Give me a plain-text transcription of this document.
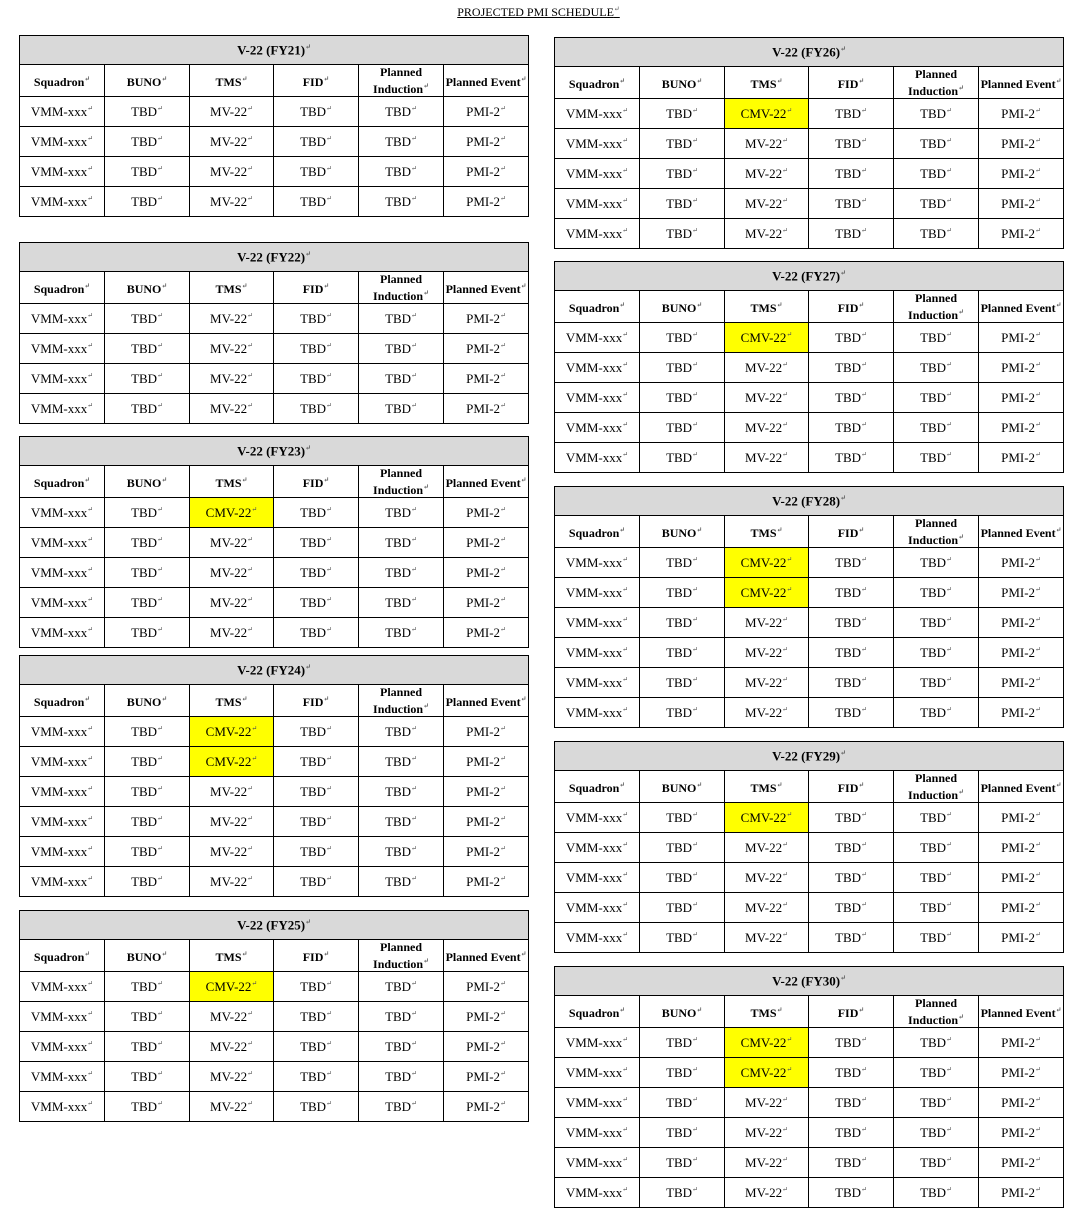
PROJECTED PMI SCHEDULE↵
V-22 (FY21)↵
Squadron↵	BUNO↵	TMS↵	FID↵	Planned Induction↵	Planned Event↵
VMM-xxx↵	TBD↵	MV-22↵	TBD↵	TBD↵	PMI-2↵
VMM-xxx↵	TBD↵	MV-22↵	TBD↵	TBD↵	PMI-2↵
VMM-xxx↵	TBD↵	MV-22↵	TBD↵	TBD↵	PMI-2↵
VMM-xxx↵	TBD↵	MV-22↵	TBD↵	TBD↵	PMI-2↵
V-22 (FY22)↵
Squadron↵	BUNO↵	TMS↵	FID↵	Planned Induction↵	Planned Event↵
VMM-xxx↵	TBD↵	MV-22↵	TBD↵	TBD↵	PMI-2↵
VMM-xxx↵	TBD↵	MV-22↵	TBD↵	TBD↵	PMI-2↵
VMM-xxx↵	TBD↵	MV-22↵	TBD↵	TBD↵	PMI-2↵
VMM-xxx↵	TBD↵	MV-22↵	TBD↵	TBD↵	PMI-2↵
V-22 (FY23)↵
Squadron↵	BUNO↵	TMS↵	FID↵	Planned Induction↵	Planned Event↵
VMM-xxx↵	TBD↵	CMV-22↵	TBD↵	TBD↵	PMI-2↵
VMM-xxx↵	TBD↵	MV-22↵	TBD↵	TBD↵	PMI-2↵
VMM-xxx↵	TBD↵	MV-22↵	TBD↵	TBD↵	PMI-2↵
VMM-xxx↵	TBD↵	MV-22↵	TBD↵	TBD↵	PMI-2↵
VMM-xxx↵	TBD↵	MV-22↵	TBD↵	TBD↵	PMI-2↵
V-22 (FY24)↵
Squadron↵	BUNO↵	TMS↵	FID↵	Planned Induction↵	Planned Event↵
VMM-xxx↵	TBD↵	CMV-22↵	TBD↵	TBD↵	PMI-2↵
VMM-xxx↵	TBD↵	CMV-22↵	TBD↵	TBD↵	PMI-2↵
VMM-xxx↵	TBD↵	MV-22↵	TBD↵	TBD↵	PMI-2↵
VMM-xxx↵	TBD↵	MV-22↵	TBD↵	TBD↵	PMI-2↵
VMM-xxx↵	TBD↵	MV-22↵	TBD↵	TBD↵	PMI-2↵
VMM-xxx↵	TBD↵	MV-22↵	TBD↵	TBD↵	PMI-2↵
V-22 (FY25)↵
Squadron↵	BUNO↵	TMS↵	FID↵	Planned Induction↵	Planned Event↵
VMM-xxx↵	TBD↵	CMV-22↵	TBD↵	TBD↵	PMI-2↵
VMM-xxx↵	TBD↵	MV-22↵	TBD↵	TBD↵	PMI-2↵
VMM-xxx↵	TBD↵	MV-22↵	TBD↵	TBD↵	PMI-2↵
VMM-xxx↵	TBD↵	MV-22↵	TBD↵	TBD↵	PMI-2↵
VMM-xxx↵	TBD↵	MV-22↵	TBD↵	TBD↵	PMI-2↵
V-22 (FY26)↵
Squadron↵	BUNO↵	TMS↵	FID↵	Planned Induction↵	Planned Event↵
VMM-xxx↵	TBD↵	CMV-22↵	TBD↵	TBD↵	PMI-2↵
VMM-xxx↵	TBD↵	MV-22↵	TBD↵	TBD↵	PMI-2↵
VMM-xxx↵	TBD↵	MV-22↵	TBD↵	TBD↵	PMI-2↵
VMM-xxx↵	TBD↵	MV-22↵	TBD↵	TBD↵	PMI-2↵
VMM-xxx↵	TBD↵	MV-22↵	TBD↵	TBD↵	PMI-2↵
V-22 (FY27)↵
Squadron↵	BUNO↵	TMS↵	FID↵	Planned Induction↵	Planned Event↵
VMM-xxx↵	TBD↵	CMV-22↵	TBD↵	TBD↵	PMI-2↵
VMM-xxx↵	TBD↵	MV-22↵	TBD↵	TBD↵	PMI-2↵
VMM-xxx↵	TBD↵	MV-22↵	TBD↵	TBD↵	PMI-2↵
VMM-xxx↵	TBD↵	MV-22↵	TBD↵	TBD↵	PMI-2↵
VMM-xxx↵	TBD↵	MV-22↵	TBD↵	TBD↵	PMI-2↵
V-22 (FY28)↵
Squadron↵	BUNO↵	TMS↵	FID↵	Planned Induction↵	Planned Event↵
VMM-xxx↵	TBD↵	CMV-22↵	TBD↵	TBD↵	PMI-2↵
VMM-xxx↵	TBD↵	CMV-22↵	TBD↵	TBD↵	PMI-2↵
VMM-xxx↵	TBD↵	MV-22↵	TBD↵	TBD↵	PMI-2↵
VMM-xxx↵	TBD↵	MV-22↵	TBD↵	TBD↵	PMI-2↵
VMM-xxx↵	TBD↵	MV-22↵	TBD↵	TBD↵	PMI-2↵
VMM-xxx↵	TBD↵	MV-22↵	TBD↵	TBD↵	PMI-2↵
V-22 (FY29)↵
Squadron↵	BUNO↵	TMS↵	FID↵	Planned Induction↵	Planned Event↵
VMM-xxx↵	TBD↵	CMV-22↵	TBD↵	TBD↵	PMI-2↵
VMM-xxx↵	TBD↵	MV-22↵	TBD↵	TBD↵	PMI-2↵
VMM-xxx↵	TBD↵	MV-22↵	TBD↵	TBD↵	PMI-2↵
VMM-xxx↵	TBD↵	MV-22↵	TBD↵	TBD↵	PMI-2↵
VMM-xxx↵	TBD↵	MV-22↵	TBD↵	TBD↵	PMI-2↵
V-22 (FY30)↵
Squadron↵	BUNO↵	TMS↵	FID↵	Planned Induction↵	Planned Event↵
VMM-xxx↵	TBD↵	CMV-22↵	TBD↵	TBD↵	PMI-2↵
VMM-xxx↵	TBD↵	CMV-22↵	TBD↵	TBD↵	PMI-2↵
VMM-xxx↵	TBD↵	MV-22↵	TBD↵	TBD↵	PMI-2↵
VMM-xxx↵	TBD↵	MV-22↵	TBD↵	TBD↵	PMI-2↵
VMM-xxx↵	TBD↵	MV-22↵	TBD↵	TBD↵	PMI-2↵
VMM-xxx↵	TBD↵	MV-22↵	TBD↵	TBD↵	PMI-2↵
